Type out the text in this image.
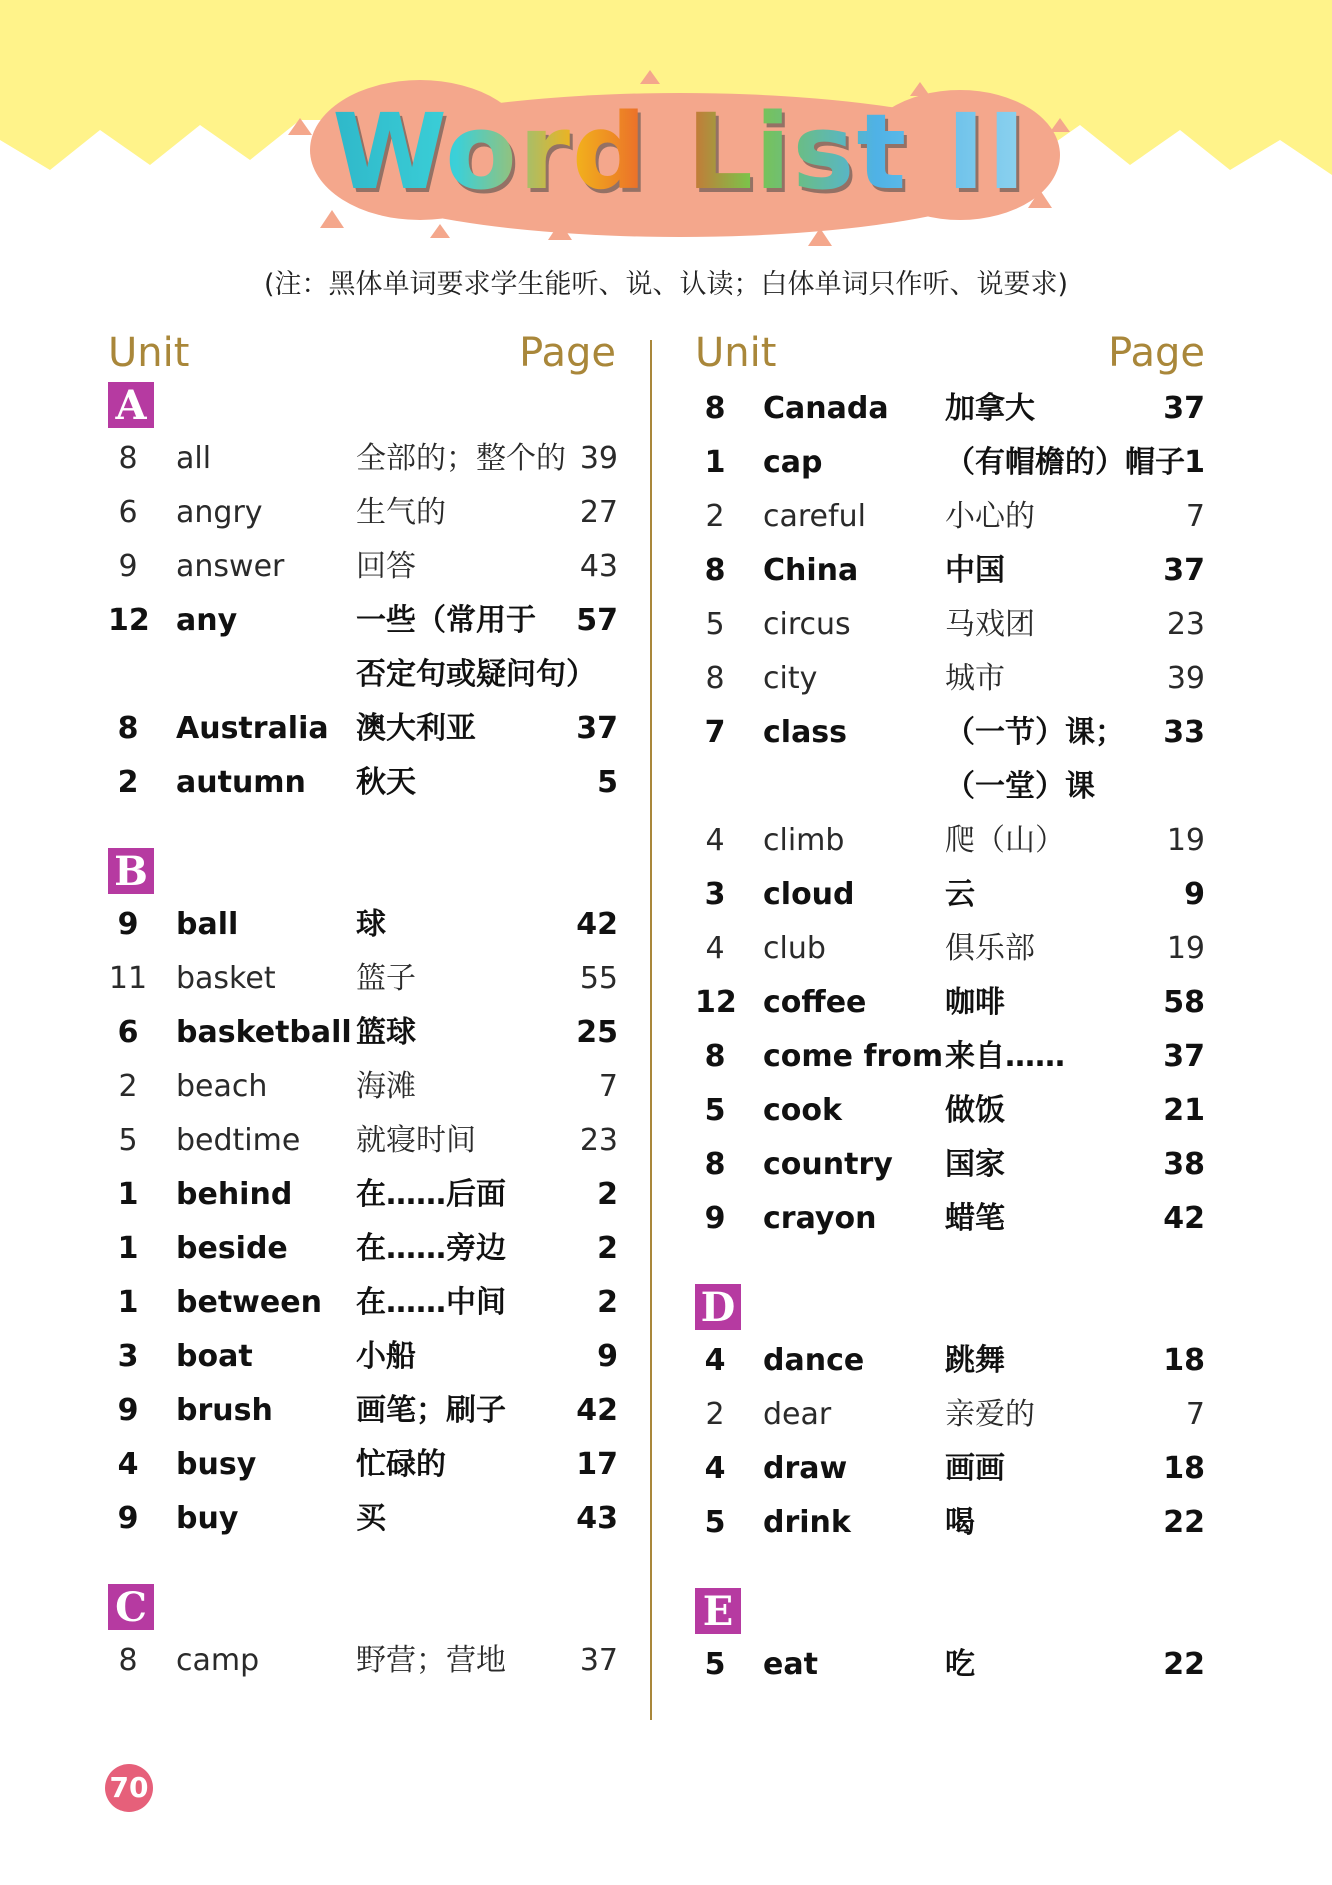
Word List II
(注：黑体单词要求学生能听、说、认读；白体单词只作听、说要求)
Unit	Page
A
8	all	全部的；整个的 39
6	angry	生气的	27
9	answer 回答	43
12 any	一些（常用于 57
否定句或疑问句）
8	Australia 澳大利亚	37
2	autumn 秋天	5
B
9	ball	球	42
11 basket	篮子	55
6	basketball 篮球	25
2	beach	海滩	7
5	bedtime 就寝时间	23
1	behind 在……后面	2
1	beside 在……旁边	2
1	between 在……中间	2
3	boat	小船	9
9	brush	画笔；刷子 42
4	busy	忙碌的	17
9	buy	买	43
C
8	camp	野营；营地 37
Unit	Page
8	Canada 加拿大	37
1	cap	（有帽檐的）帽子 1
2	careful	小心的	7
8	China	中国	37
5	circus	马戏团	23
8	city	城市	39
7	class	（一节）课； 33
（一堂）课
4	climb	爬（山）	19
3	cloud	云	9
4	club	俱乐部	19
12 coffee	咖啡	58
8	come from 来自……	37
5	cook	做饭	21
8	country 国家	38
9	crayon 蜡笔	42
D
4	dance	跳舞	18
2	dear	亲爱的	7
4	draw	画画	18
5	drink	喝	22
E
5	eat	吃	22
70
